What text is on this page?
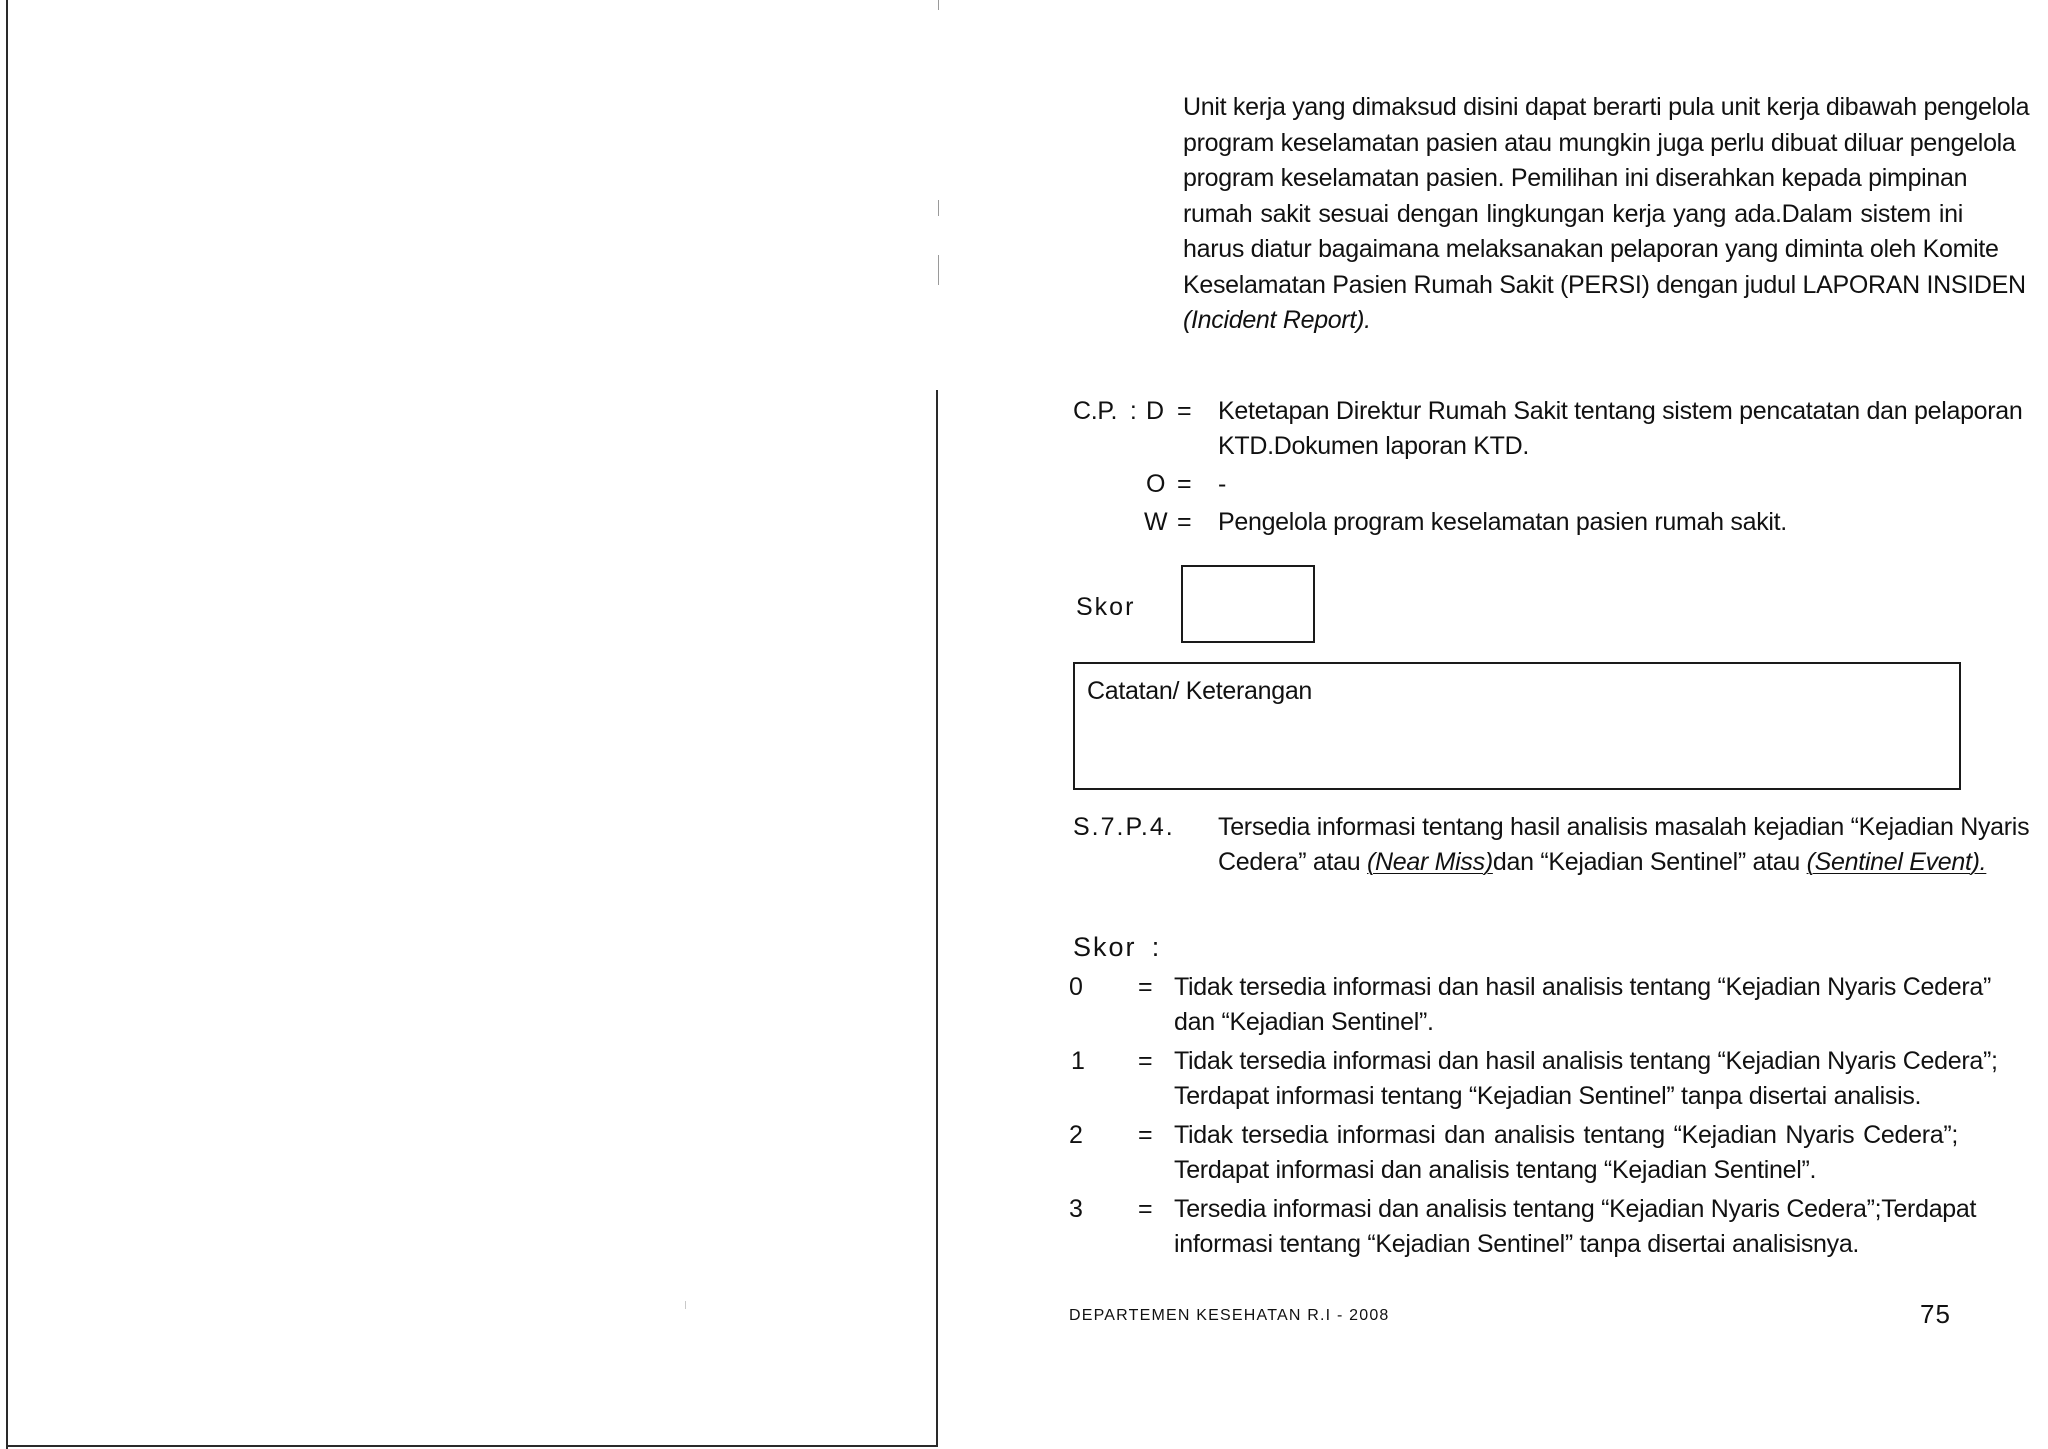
Unit kerja yang dimaksud disini dapat berarti pula unit kerja dibawah pengelola
program keselamatan pasien atau mungkin juga perlu dibuat diluar pengelola
program keselamatan pasien. Pemilihan ini diserahkan kepada pimpinan
rumah sakit sesuai dengan lingkungan kerja yang ada.Dalam sistem ini
harus diatur bagaimana melaksanakan pelaporan yang diminta oleh Komite
Keselamatan Pasien Rumah Sakit (PERSI) dengan judul LAPORAN INSIDEN
(Incident Report).
C.P. : D = Ketetapan Direktur Rumah Sakit tentang sistem pencatatan dan pelaporan
KTD.Dokumen laporan KTD.
O = -
W = Pengelola program keselamatan pasien rumah sakit.
Skor
Catatan/ Keterangan
S.7.P.4. Tersedia informasi tentang hasil analisis masalah kejadian “Kejadian Nyaris
Cedera” atau (Near Miss)dan “Kejadian Sentinel” atau (Sentinel Event).
Skor :
0 = Tidak tersedia informasi dan hasil analisis tentang “Kejadian Nyaris Cedera”
dan “Kejadian Sentinel”.
1 = Tidak tersedia informasi dan hasil analisis tentang “Kejadian Nyaris Cedera”;
Terdapat informasi tentang “Kejadian Sentinel” tanpa disertai analisis.
2 = Tidak tersedia informasi dan analisis tentang “Kejadian Nyaris Cedera”;
Terdapat informasi dan analisis tentang “Kejadian Sentinel”.
3 = Tersedia informasi dan analisis tentang “Kejadian Nyaris Cedera”;Terdapat
informasi tentang “Kejadian Sentinel” tanpa disertai analisisnya.
DEPARTEMEN KESEHATAN R.I - 2008	75
